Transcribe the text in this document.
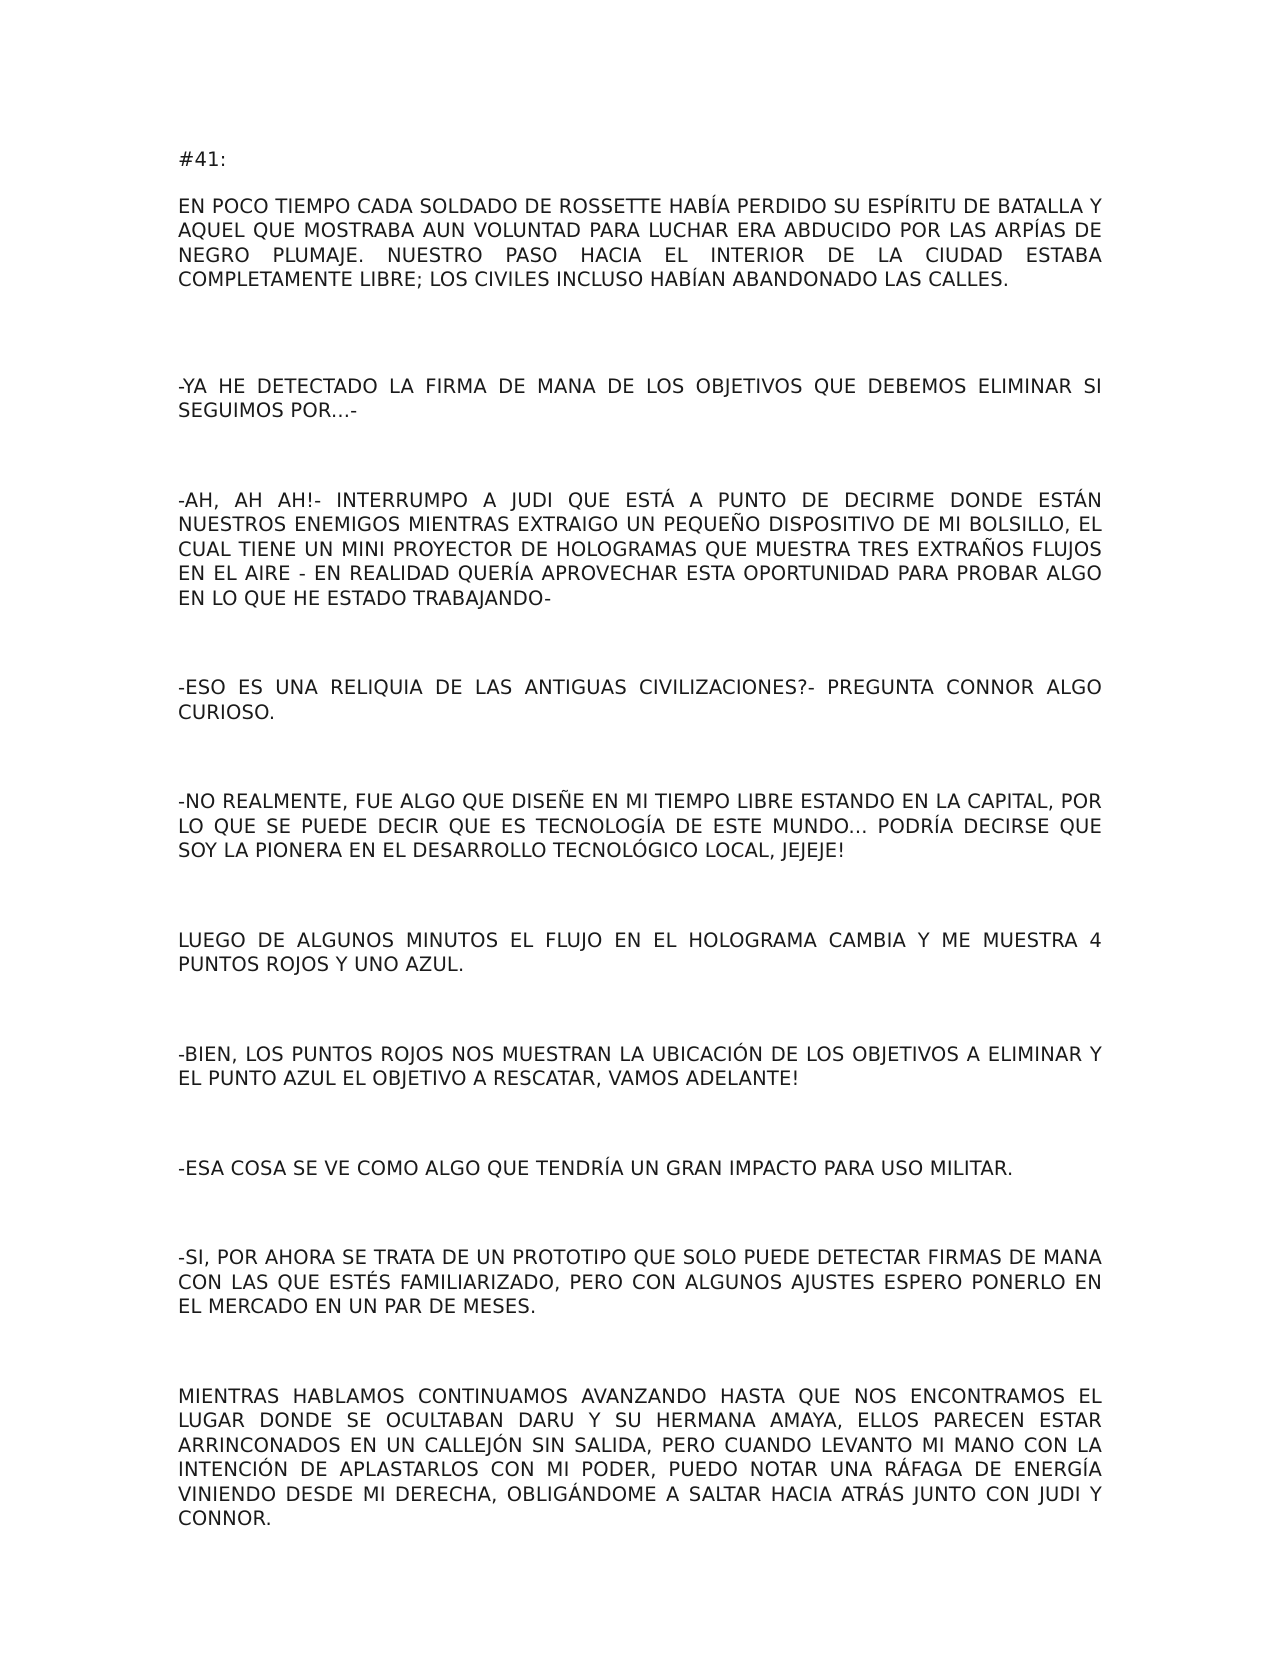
#41:

EN POCO TIEMPO CADA SOLDADO DE ROSSETTE HABÍA PERDIDO SU ESPÍRITU DE BATALLA Y AQUEL QUE MOSTRABA AUN VOLUNTAD PARA LUCHAR ERA ABDUCIDO POR LAS ARPÍAS DE NEGRO PLUMAJE. NUESTRO PASO HACIA EL INTERIOR DE LA CIUDAD ESTABA COMPLETAMENTE LIBRE; LOS CIVILES INCLUSO HABÍAN ABANDONADO LAS CALLES.

-YA HE DETECTADO LA FIRMA DE MANA DE LOS OBJETIVOS QUE DEBEMOS ELIMINAR SI SEGUIMOS POR...-

-AH, AH AH!- INTERRUMPO A JUDI QUE ESTÁ A PUNTO DE DECIRME DONDE ESTÁN NUESTROS ENEMIGOS MIENTRAS EXTRAIGO UN PEQUEÑO DISPOSITIVO DE MI BOLSILLO, EL CUAL TIENE UN MINI PROYECTOR DE HOLOGRAMAS QUE MUESTRA TRES EXTRAÑOS FLUJOS EN EL AIRE - EN REALIDAD QUERÍA APROVECHAR ESTA OPORTUNIDAD PARA PROBAR ALGO EN LO QUE HE ESTADO TRABAJANDO-

-ESO ES UNA RELIQUIA DE LAS ANTIGUAS CIVILIZACIONES?- PREGUNTA CONNOR ALGO CURIOSO.

-NO REALMENTE, FUE ALGO QUE DISEÑE EN MI TIEMPO LIBRE ESTANDO EN LA CAPITAL, POR LO QUE SE PUEDE DECIR QUE ES TECNOLOGÍA DE ESTE MUNDO... PODRÍA DECIRSE QUE SOY LA PIONERA EN EL DESARROLLO TECNOLÓGICO LOCAL, JEJEJE!

LUEGO DE ALGUNOS MINUTOS EL FLUJO EN EL HOLOGRAMA CAMBIA Y ME MUESTRA 4 PUNTOS ROJOS Y UNO AZUL.

-BIEN, LOS PUNTOS ROJOS NOS MUESTRAN LA UBICACIÓN DE LOS OBJETIVOS A ELIMINAR Y EL PUNTO AZUL EL OBJETIVO A RESCATAR, VAMOS ADELANTE!

-ESA COSA SE VE COMO ALGO QUE TENDRÍA UN GRAN IMPACTO PARA USO MILITAR.

-SI, POR AHORA SE TRATA DE UN PROTOTIPO QUE SOLO PUEDE DETECTAR FIRMAS DE MANA CON LAS QUE ESTÉS FAMILIARIZADO, PERO CON ALGUNOS AJUSTES ESPERO PONERLO EN EL MERCADO EN UN PAR DE MESES.

MIENTRAS HABLAMOS CONTINUAMOS AVANZANDO HASTA QUE NOS ENCONTRAMOS EL LUGAR DONDE SE OCULTABAN DARU Y SU HERMANA AMAYA, ELLOS PARECEN ESTAR ARRINCONADOS EN UN CALLEJÓN SIN SALIDA, PERO CUANDO LEVANTO MI MANO CON LA INTENCIÓN DE APLASTARLOS CON MI PODER, PUEDO NOTAR UNA RÁFAGA DE ENERGÍA VINIENDO DESDE MI DERECHA, OBLIGÁNDOME A SALTAR HACIA ATRÁS JUNTO CON JUDI Y CONNOR.
